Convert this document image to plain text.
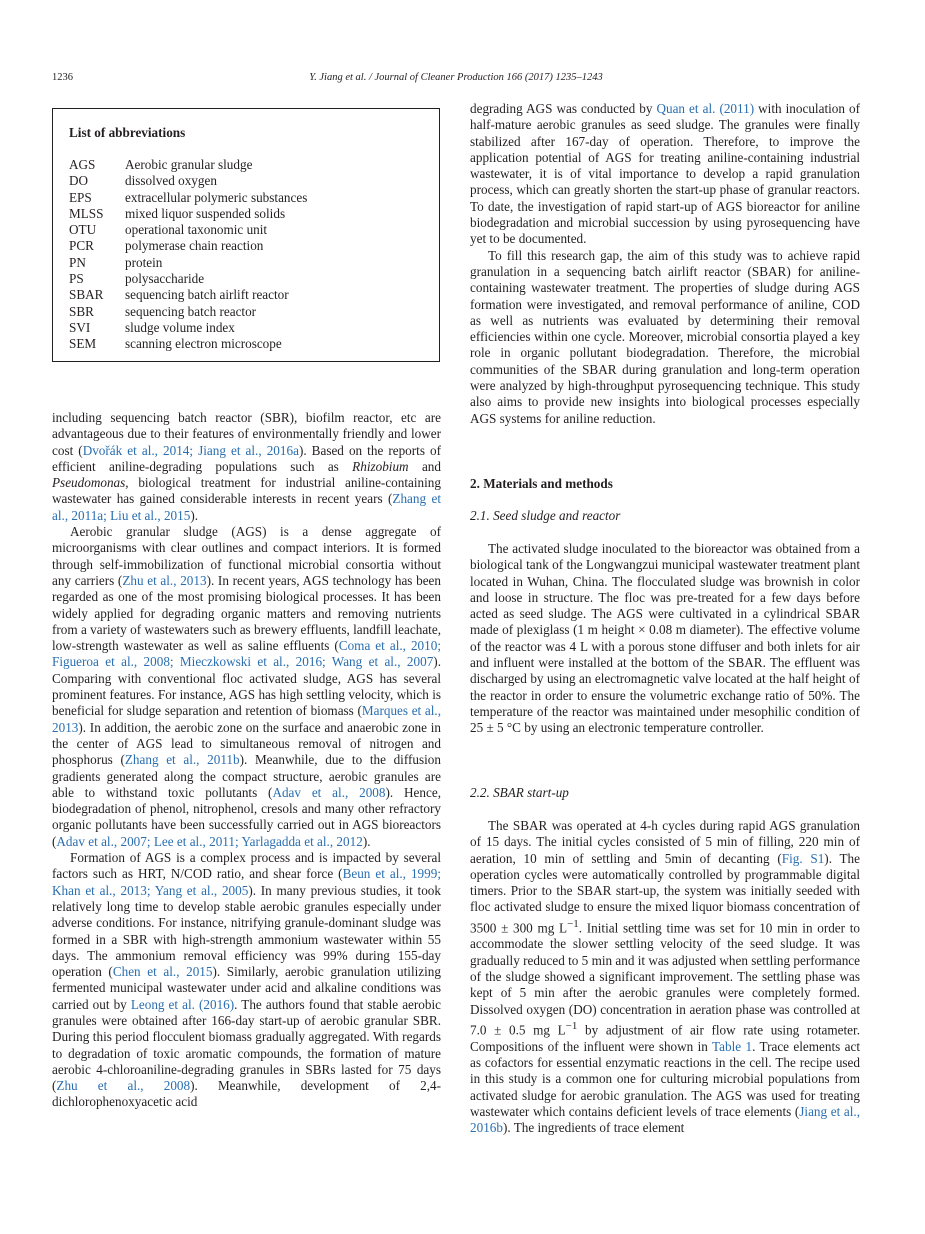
1236	Y. Jiang et al. / Journal of Cleaner Production 166 (2017) 1235–1243
List of abbreviations
AGS	Aerobic granular sludge
DO	dissolved oxygen
EPS	extracellular polymeric substances
MLSS	mixed liquor suspended solids
OTU	operational taxonomic unit
PCR	polymerase chain reaction
PN	protein
PS	polysaccharide
SBAR	sequencing batch airlift reactor
SBR	sequencing batch reactor
SVI	sludge volume index
SEM	scanning electron microscope

including sequencing batch reactor (SBR), biofilm reactor, etc are advantageous due to their features of environmentally friendly and lower cost (Dvořák et al., 2014; Jiang et al., 2016a). Based on the reports of efficient aniline-degrading populations such as Rhizobium and Pseudomonas, biological treatment for industrial aniline-containing wastewater has gained considerable interests in recent years (Zhang et al., 2011a; Liu et al., 2015).

Aerobic granular sludge (AGS) is a dense aggregate of microorganisms with clear outlines and compact interiors. It is formed through self-immobilization of functional microbial consortia without any carriers (Zhu et al., 2013). In recent years, AGS technology has been regarded as one of the most promising biological processes. It has been widely applied for degrading organic matters and removing nutrients from a variety of wastewaters such as brewery effluents, landfill leachate, low-strength wastewater as well as saline effluents (Coma et al., 2010; Figueroa et al., 2008; Mieczkowski et al., 2016; Wang et al., 2007). Comparing with conventional floc activated sludge, AGS has several prominent features. For instance, AGS has high settling velocity, which is beneficial for sludge separation and retention of biomass (Marques et al., 2013). In addition, the aerobic zone on the surface and anaerobic zone in the center of AGS lead to simultaneous removal of nitrogen and phosphorus (Zhang et al., 2011b). Meanwhile, due to the diffusion gradients generated along the compact structure, aerobic granules are able to withstand toxic pollutants (Adav et al., 2008). Hence, biodegradation of phenol, nitrophenol, cresols and many other refractory organic pollutants have been successfully carried out in AGS bioreactors (Adav et al., 2007; Lee et al., 2011; Yarlagadda et al., 2012).

Formation of AGS is a complex process and is impacted by several factors such as HRT, N/COD ratio, and shear force (Beun et al., 1999; Khan et al., 2013; Yang et al., 2005). In many previous studies, it took relatively long time to develop stable aerobic granules especially under adverse conditions. For instance, nitrifying granule-dominant sludge was formed in a SBR with high-strength ammonium wastewater within 55 days. The ammonium removal efficiency was 99% during 155-day operation (Chen et al., 2015). Similarly, aerobic granulation utilizing fermented municipal wastewater under acid and alkaline conditions was carried out by Leong et al. (2016). The authors found that stable aerobic granules were obtained after 166-day start-up of aerobic granular SBR. During this period flocculent biomass gradually aggregated. With regards to degradation of toxic aromatic compounds, the formation of mature aerobic 4-chloroaniline-degrading granules in SBRs lasted for 75 days (Zhu et al., 2008). Meanwhile, development of 2,4-dichlorophenoxyacetic acid

degrading AGS was conducted by Quan et al. (2011) with inoculation of half-mature aerobic granules as seed sludge. The granules were finally stabilized after 167-day of operation. Therefore, to improve the application potential of AGS for treating aniline-containing industrial wastewater, it is of vital importance to develop a rapid granulation process, which can greatly shorten the start-up phase of granular reactors. To date, the investigation of rapid start-up of AGS bioreactor for aniline biodegradation and microbial succession by using pyrosequencing have yet to be documented.

To fill this research gap, the aim of this study was to achieve rapid granulation in a sequencing batch airlift reactor (SBAR) for aniline-containing wastewater treatment. The properties of sludge during AGS formation were investigated, and removal performance of aniline, COD as well as nutrients was evaluated by determining their removal efficiencies within one cycle. Moreover, microbial consortia played a key role in organic pollutant biodegradation. Therefore, the microbial communities of the SBAR during granulation and long-term operation were analyzed by high-throughput pyrosequencing technique. This study also aims to provide new insights into biological processes especially AGS systems for aniline reduction.

2. Materials and methods
2.1. Seed sludge and reactor

The activated sludge inoculated to the bioreactor was obtained from a biological tank of the Longwangzui municipal wastewater treatment plant located in Wuhan, China. The flocculated sludge was brownish in color and loose in structure. The floc was pre-treated for a few days before acted as seed sludge. The AGS were cultivated in a cylindrical SBAR made of plexiglass (1 m height × 0.08 m diameter). The effective volume of the reactor was 4 L with a porous stone diffuser and both inlets for air and influent were installed at the bottom of the SBAR. The effluent was discharged by using an electromagnetic valve located at the half height of the reactor in order to ensure the volumetric exchange ratio of 50%. The temperature of the reactor was maintained under mesophilic condition of 25 ± 5 °C by using an electronic temperature controller.

2.2. SBAR start-up

The SBAR was operated at 4-h cycles during rapid AGS granulation of 15 days. The initial cycles consisted of 5 min of filling, 220 min of aeration, 10 min of settling and 5min of decanting (Fig. S1). The operation cycles were automatically controlled by programmable digital timers. Prior to the SBAR start-up, the system was initially seeded with floc activated sludge to ensure the mixed liquor biomass concentration of 3500 ± 300 mg $L^{-1}$. Initial settling time was set for 10 min in order to accommodate the slower settling velocity of the seed sludge. It was gradually reduced to 5 min and it was adjusted when settling performance of the sludge showed a significant improvement. The settling phase was kept of 5 min after the aerobic granules were completely formed. Dissolved oxygen (DO) concentration in aeration phase was controlled at 7.0 ± 0.5 mg $L^{-1}$ by adjustment of air flow rate using rotameter. Compositions of the influent were shown in Table 1. Trace elements act as cofactors for essential enzymatic reactions in the cell. The recipe used in this study is a common one for culturing microbial populations from activated sludge for aerobic granulation. The AGS was used for treating wastewater which contains deficient levels of trace elements (Jiang et al., 2016b). The ingredients of trace element
